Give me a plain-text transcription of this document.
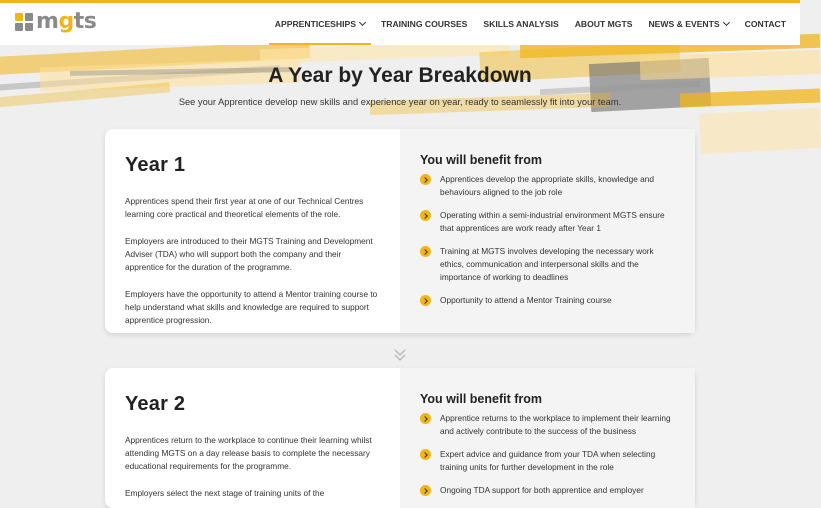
mgts	APPRENTICESHIPS	TRAINING COURSES SKILLS ANALYSIS ABOUT MGTS NEWS & EVENTS	CONTACT
A Year by Year Breakdown

See your Apprentice develop new skills and experience year on year, ready to seamlessly fit into your team.

Year 1

Apprentices spend their first year at one of our Technical Centres learning core practical and theoretical elements of the role.

Employers are introduced to their MGTS Training and Development Adviser (TDA) who will support both the company and their apprentice for the duration of the programme.

Employers have the opportunity to attend a Mentor training course to help understand what skills and knowledge are required to support apprentice progression.

You will benefit from
Apprentices develop the appropriate skills, knowledge and behaviours aligned to the job role
Operating within a semi-industrial environment MGTS ensure that apprentices are work ready after Year 1
Training at MGTS involves developing the necessary work ethics, communication and interpersonal skills and the importance of working to deadlines
Opportunity to attend a Mentor Training course
Year 2

Apprentices return to the workplace to continue their learning whilst attending MGTS on a day release basis to complete the necessary educational requirements for the programme.

Employers select the next stage of training units of the

You will benefit from
Apprentice returns to the workplace to implement their learning and actively contribute to the success of the business
Expert advice and guidance from your TDA when selecting training units for further development in the role
Ongoing TDA support for both apprentice and employer
